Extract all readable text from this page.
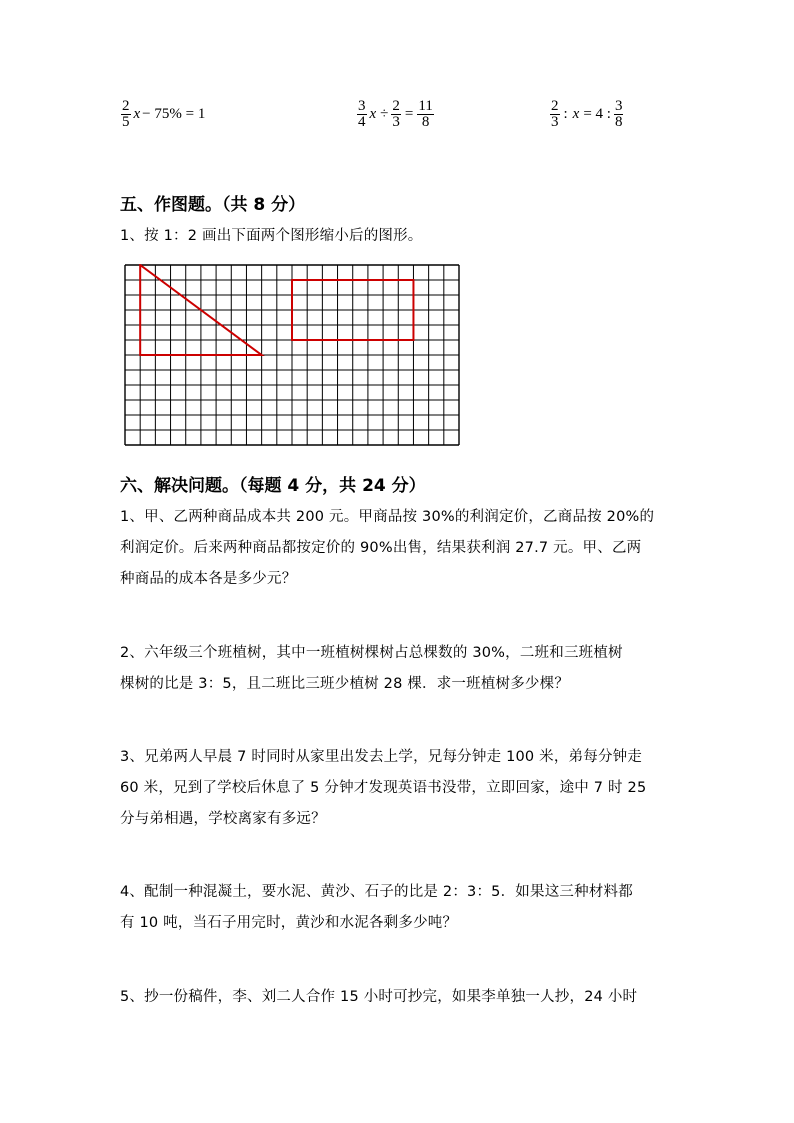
$\frac{2}{5}$ x − 75% = 1	$\frac{3}{4}$ $x \div \frac{2}{3} = \frac{11}{8}$	$\frac{2}{3}$ : x = 4 : $\frac{3}{8}$
五、作图题。（共 8 分）
1、按 1：2 画出下面两个图形缩小后的图形。
六、解决问题。（每题 4 分，共 24 分）
1、甲、乙两种商品成本共 200 元。甲商品按 30%的利润定价，乙商品按 20%的
利润定价。后来两种商品都按定价的 90%出售，结果获利润 27.7 元。甲、乙两
种商品的成本各是多少元？
2、六年级三个班植树，其中一班植树棵树占总棵数的 30%，二班和三班植树
棵树的比是 3：5，且二班比三班少植树 28 棵．求一班植树多少棵？
3、兄弟两人早晨 7 时同时从家里出发去上学，兄每分钟走 100 米，弟每分钟走
60 米，兄到了学校后休息了 5 分钟才发现英语书没带，立即回家，途中 7 时 25
分与弟相遇，学校离家有多远？
4、配制一种混凝土，要水泥、黄沙、石子的比是 2：3：5．如果这三种材料都
有 10 吨，当石子用完时，黄沙和水泥各剩多少吨？
5、抄一份稿件，李、刘二人合作 15 小时可抄完，如果李单独一人抄，24 小时
